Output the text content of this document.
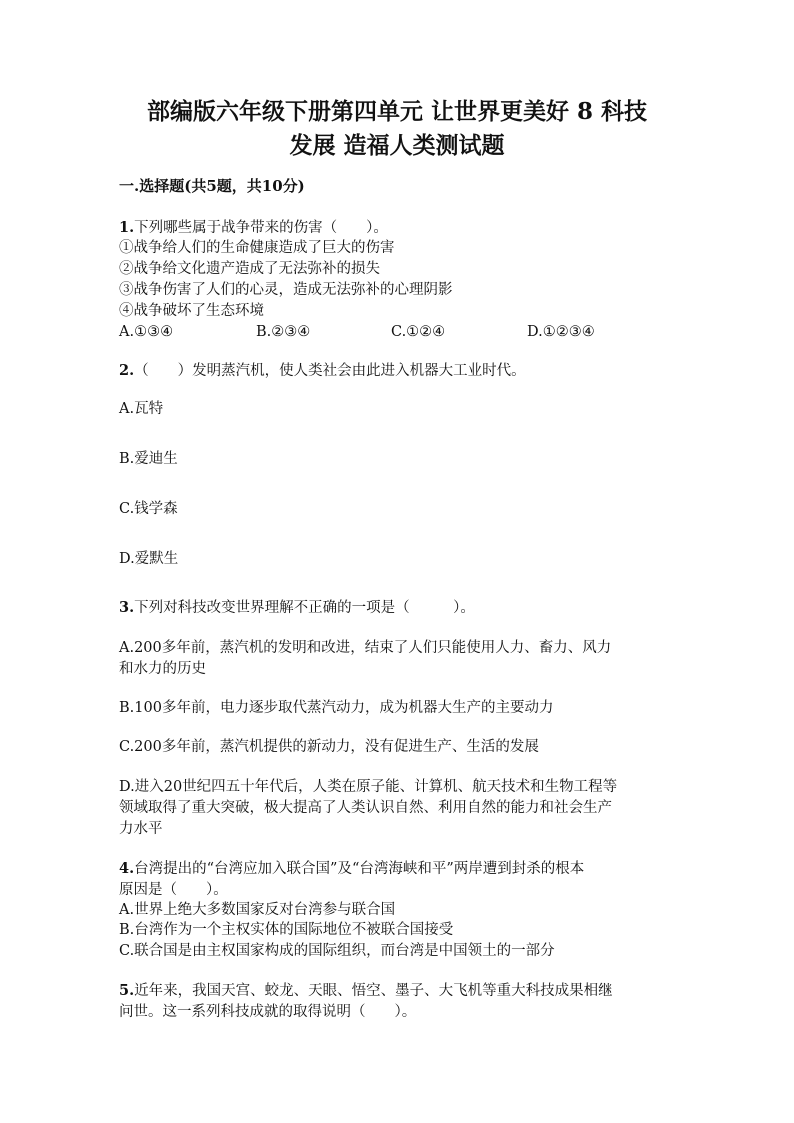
部编版六年级下册第四单元 让世界更美好 8 科技
发展 造福人类测试题
一.选择题(共5题，共10分)
1.下列哪些属于战争带来的伤害（　　）。
①战争给人们的生命健康造成了巨大的伤害
②战争给文化遗产造成了无法弥补的损失
③战争伤害了人们的心灵，造成无法弥补的心理阴影
④战争破坏了生态环境
A.①③④	B.②③④	C.①②④	D.①②③④
2.（　　）发明蒸汽机，使人类社会由此进入机器大工业时代。
A.瓦特
B.爱迪生
C.钱学森
D.爱默生
3.下列对科技改变世界理解不正确的一项是（　　　）。
A.200多年前，蒸汽机的发明和改进，结束了人们只能使用人力、畜力、风力
和水力的历史
B.100多年前，电力逐步取代蒸汽动力，成为机器大生产的主要动力
C.200多年前，蒸汽机提供的新动力，没有促进生产、生活的发展
D.进入20世纪四五十年代后，人类在原子能、计算机、航天技术和生物工程等
领域取得了重大突破，极大提高了人类认识自然、利用自然的能力和社会生产
力水平
4.台湾提出的“台湾应加入联合国”及“台湾海峡和平”两岸遭到封杀的根本
原因是（　　）。
A.世界上绝大多数国家反对台湾参与联合国
B.台湾作为一个主权实体的国际地位不被联合国接受
C.联合国是由主权国家构成的国际组织，而台湾是中国领土的一部分
5.近年来，我国天宫、蛟龙、天眼、悟空、墨子、大飞机等重大科技成果相继
问世。这一系列科技成就的取得说明（　　）。
